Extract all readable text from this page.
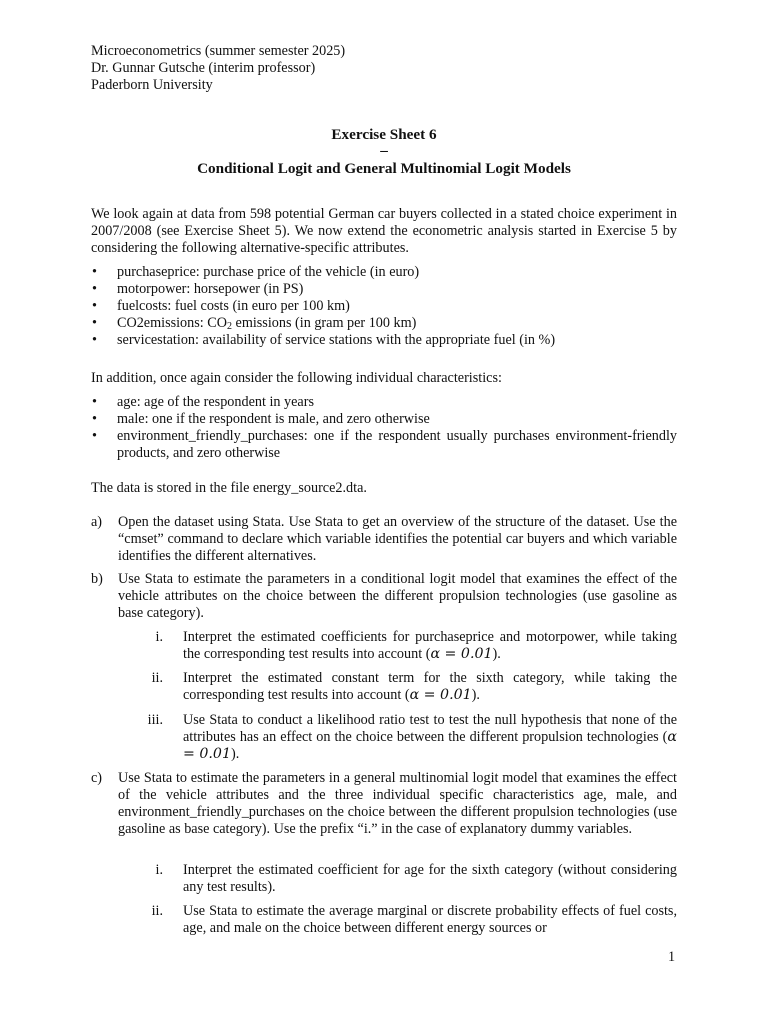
Microeconometrics (summer semester 2025)
Dr. Gunnar Gutsche (interim professor)
Paderborn University
Exercise Sheet 6
–
Conditional Logit and General Multinomial Logit Models
We look again at data from 598 potential German car buyers collected in a stated choice experiment in 2007/2008 (see Exercise Sheet 5). We now extend the econometric analysis started in Exercise 5 by considering the following alternative-specific attributes.
• purchaseprice: purchase price of the vehicle (in euro)
• motorpower: horsepower (in PS)
• fuelcosts: fuel costs (in euro per 100 km)
• CO2emissions: $CO_2$ emissions (in gram per 100 km)
• servicestation: availability of service stations with the appropriate fuel (in %)
In addition, once again consider the following individual characteristics:
• age: age of the respondent in years
• male: one if the respondent is male, and zero otherwise
• environment_friendly_purchases: one if the respondent usually purchases environment-friendly products, and zero otherwise
The data is stored in the file energy_source2.dta.
a) Open the dataset using Stata. Use Stata to get an overview of the structure of the dataset. Use the “cmset” command to declare which variable identifies the potential car buyers and which variable identifies the different alternatives.
b) Use Stata to estimate the parameters in a conditional logit model that examines the effect of the vehicle attributes on the choice between the different propulsion technologies (use gasoline as base category).
i. Interpret the estimated coefficients for purchaseprice and motorpower, while taking the corresponding test results into account (α = 0.01).
ii. Interpret the estimated constant term for the sixth category, while taking the corresponding test results into account (α = 0.01).
iii. Use Stata to conduct a likelihood ratio test to test the null hypothesis that none of the attributes has an effect on the choice between the different propulsion technologies (α = 0.01).
c) Use Stata to estimate the parameters in a general multinomial logit model that examines the effect of the vehicle attributes and the three individual specific characteristics age, male, and environment_friendly_purchases on the choice between the different propulsion technologies (use gasoline as base category). Use the prefix “i.” in the case of explanatory dummy variables.
i. Interpret the estimated coefficient for age for the sixth category (without considering any test results).
ii. Use Stata to estimate the average marginal or discrete probability effects of fuel costs, age, and male on the choice between different energy sources or
1
